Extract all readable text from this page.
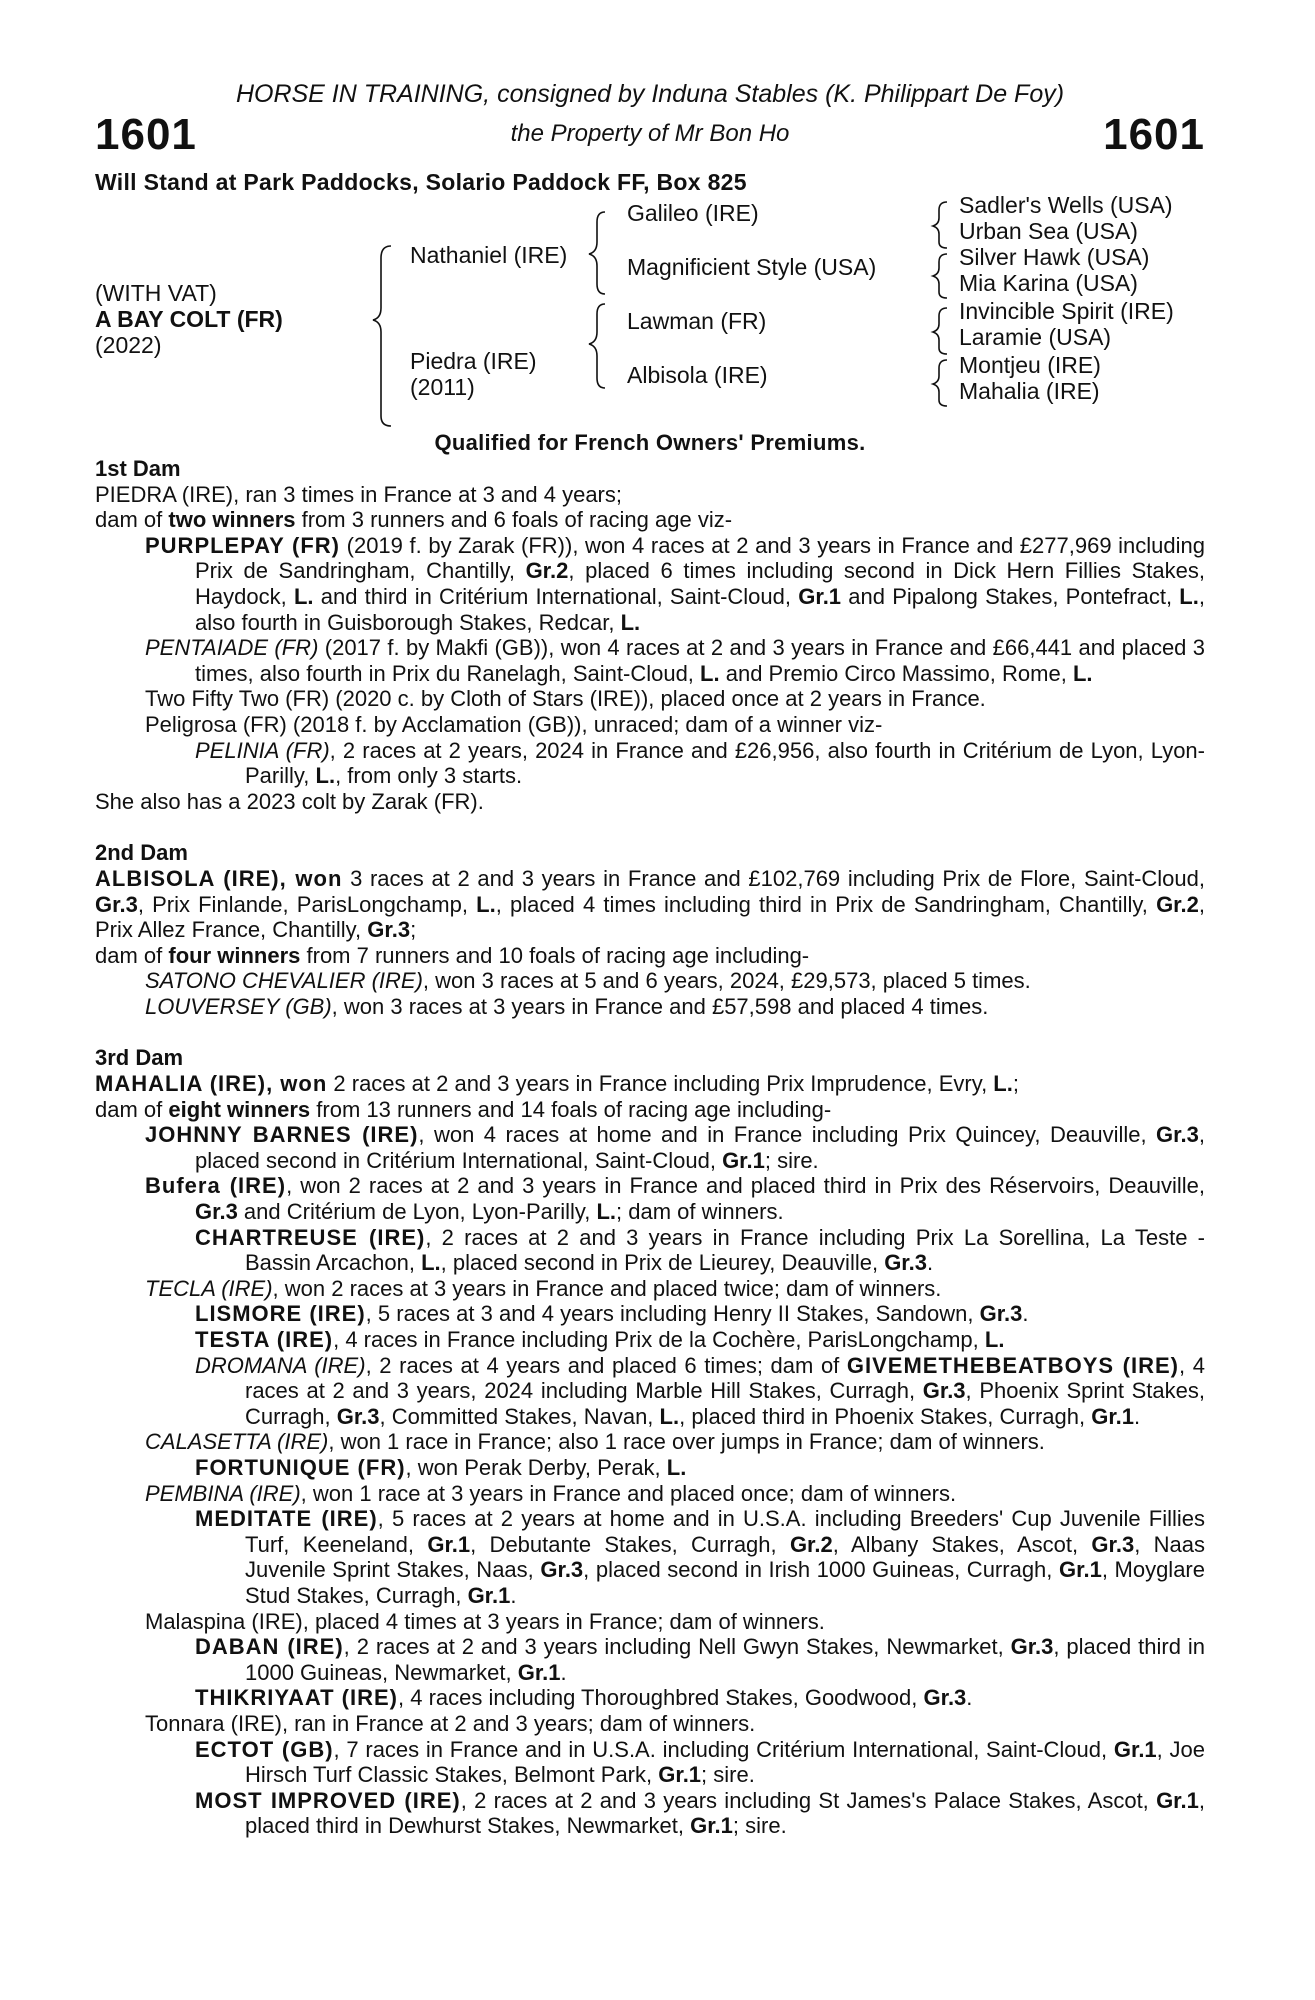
1601	1601
HORSE IN TRAINING, consigned by Induna Stables (K. Philippart De Foy)
the Property of Mr Bon Ho
Will Stand at Park Paddocks, Solario Paddock FF, Box 825
(WITH VAT)
A BAY COLT (FR)
(2022)
Nathaniel (IRE)
Piedra (IRE)
(2011)
Galileo (IRE)
Magnificient Style (USA)
Lawman (FR)
Albisola (IRE)
Sadler's Wells (USA)
Urban Sea (USA)
Silver Hawk (USA)
Mia Karina (USA)
Invincible Spirit (IRE)
Laramie (USA)
Montjeu (IRE)
Mahalia (IRE)
Qualified for French Owners' Premiums.
1st Dam

PIEDRA (IRE), ran 3 times in France at 3 and 4 years;

dam of two winners from 3 runners and 6 foals of racing age viz-

PURPLEPAY (FR) (2019 f. by Zarak (FR)), won 4 races at 2 and 3 years in France and £277,969 including Prix de Sandringham, Chantilly, Gr.2, placed 6 times including second in Dick Hern Fillies Stakes, Haydock, L. and third in Critérium International, Saint-Cloud, Gr.1 and Pipalong Stakes, Pontefract, L., also fourth in Guisborough Stakes, Redcar, L.

PENTAIADE (FR) (2017 f. by Makfi (GB)), won 4 races at 2 and 3 years in France and £66,441 and placed 3 times, also fourth in Prix du Ranelagh, Saint-Cloud, L. and Premio Circo Massimo, Rome, L.

Two Fifty Two (FR) (2020 c. by Cloth of Stars (IRE)), placed once at 2 years in France.

Peligrosa (FR) (2018 f. by Acclamation (GB)), unraced; dam of a winner viz-

PELINIA (FR), 2 races at 2 years, 2024 in France and £26,956, also fourth in Critérium de Lyon, Lyon-Parilly, L., from only 3 starts.

She also has a 2023 colt by Zarak (FR).

2nd Dam

ALBISOLA (IRE), won 3 races at 2 and 3 years in France and £102,769 including Prix de Flore, Saint-Cloud, Gr.3, Prix Finlande, ParisLongchamp, L., placed 4 times including third in Prix de Sandringham, Chantilly, Gr.2, Prix Allez France, Chantilly, Gr.3;

dam of four winners from 7 runners and 10 foals of racing age including-

SATONO CHEVALIER (IRE), won 3 races at 5 and 6 years, 2024, £29,573, placed 5 times.

LOUVERSEY (GB), won 3 races at 3 years in France and £57,598 and placed 4 times.

3rd Dam

MAHALIA (IRE), won 2 races at 2 and 3 years in France including Prix Imprudence, Evry, L.;

dam of eight winners from 13 runners and 14 foals of racing age including-

JOHNNY BARNES (IRE), won 4 races at home and in France including Prix Quincey, Deauville, Gr.3, placed second in Critérium International, Saint-Cloud, Gr.1; sire.

Bufera (IRE), won 2 races at 2 and 3 years in France and placed third in Prix des Réservoirs, Deauville, Gr.3 and Critérium de Lyon, Lyon-Parilly, L.; dam of winners.

CHARTREUSE (IRE), 2 races at 2 and 3 years in France including Prix La Sorellina, La Teste - Bassin Arcachon, L., placed second in Prix de Lieurey, Deauville, Gr.3.

TECLA (IRE), won 2 races at 3 years in France and placed twice; dam of winners.

LISMORE (IRE), 5 races at 3 and 4 years including Henry II Stakes, Sandown, Gr.3.

TESTA (IRE), 4 races in France including Prix de la Cochère, ParisLongchamp, L.

DROMANA (IRE), 2 races at 4 years and placed 6 times; dam of GIVEMETHEBEATBOYS (IRE), 4 races at 2 and 3 years, 2024 including Marble Hill Stakes, Curragh, Gr.3, Phoenix Sprint Stakes, Curragh, Gr.3, Committed Stakes, Navan, L., placed third in Phoenix Stakes, Curragh, Gr.1.

CALASETTA (IRE), won 1 race in France; also 1 race over jumps in France; dam of winners.

FORTUNIQUE (FR), won Perak Derby, Perak, L.

PEMBINA (IRE), won 1 race at 3 years in France and placed once; dam of winners.

MEDITATE (IRE), 5 races at 2 years at home and in U.S.A. including Breeders' Cup Juvenile Fillies Turf, Keeneland, Gr.1, Debutante Stakes, Curragh, Gr.2, Albany Stakes, Ascot, Gr.3, Naas Juvenile Sprint Stakes, Naas, Gr.3, placed second in Irish 1000 Guineas, Curragh, Gr.1, Moyglare Stud Stakes, Curragh, Gr.1.

Malaspina (IRE), placed 4 times at 3 years in France; dam of winners.

DABAN (IRE), 2 races at 2 and 3 years including Nell Gwyn Stakes, Newmarket, Gr.3, placed third in 1000 Guineas, Newmarket, Gr.1.

THIKRIYAAT (IRE), 4 races including Thoroughbred Stakes, Goodwood, Gr.3.

Tonnara (IRE), ran in France at 2 and 3 years; dam of winners.

ECTOT (GB), 7 races in France and in U.S.A. including Critérium International, Saint-Cloud, Gr.1, Joe Hirsch Turf Classic Stakes, Belmont Park, Gr.1; sire.

MOST IMPROVED (IRE), 2 races at 2 and 3 years including St James's Palace Stakes, Ascot, Gr.1, placed third in Dewhurst Stakes, Newmarket, Gr.1; sire.
